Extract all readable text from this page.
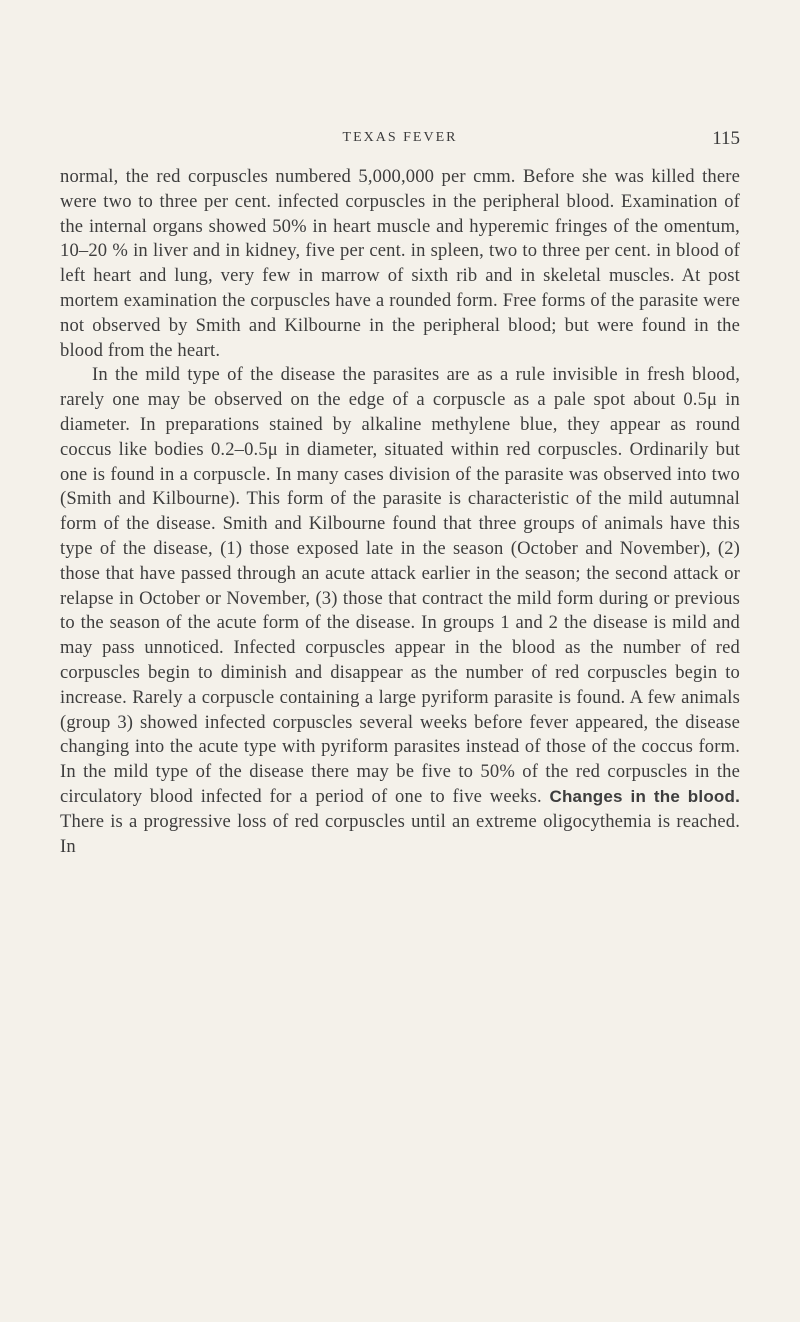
TEXAS FEVER	115

normal, the red corpuscles numbered 5,000,000 per cmm. Before she was killed there were two to three per cent. infected corpuscles in the peripheral blood. Examination of the internal organs showed 50% in heart muscle and hyperemic fringes of the omentum, 10–20 % in liver and in kidney, five per cent. in spleen, two to three per cent. in blood of left heart and lung, very few in marrow of sixth rib and in skeletal muscles. At post mortem examination the corpuscles have a rounded form. Free forms of the parasite were not observed by Smith and Kilbourne in the peripheral blood; but were found in the blood from the heart.

In the mild type of the disease the parasites are as a rule invisible in fresh blood, rarely one may be observed on the edge of a corpuscle as a pale spot about 0.5μ in diameter. In preparations stained by alkaline methylene blue, they appear as round coccus like bodies 0.2–0.5μ in diameter, situated within red corpuscles. Ordinarily but one is found in a corpuscle. In many cases division of the parasite was observed into two (Smith and Kilbourne). This form of the parasite is characteristic of the mild autumnal form of the disease. Smith and Kilbourne found that three groups of animals have this type of the disease, (1) those exposed late in the season (October and November), (2) those that have passed through an acute attack earlier in the season; the second attack or relapse in October or November, (3) those that contract the mild form during or previous to the season of the acute form of the disease. In groups 1 and 2 the disease is mild and may pass unnoticed. Infected corpuscles appear in the blood as the number of red corpuscles begin to diminish and disappear as the number of red corpuscles begin to increase. Rarely a corpuscle containing a large pyriform parasite is found. A few animals (group 3) showed infected corpuscles several weeks before fever appeared, the disease changing into the acute type with pyriform parasites instead of those of the coccus form. In the mild type of the disease there may be five to 50% of the red corpuscles in the circulatory blood infected for a period of one to five weeks. Changes in the blood. There is a progressive loss of red corpuscles until an extreme oligocythemia is reached. In
